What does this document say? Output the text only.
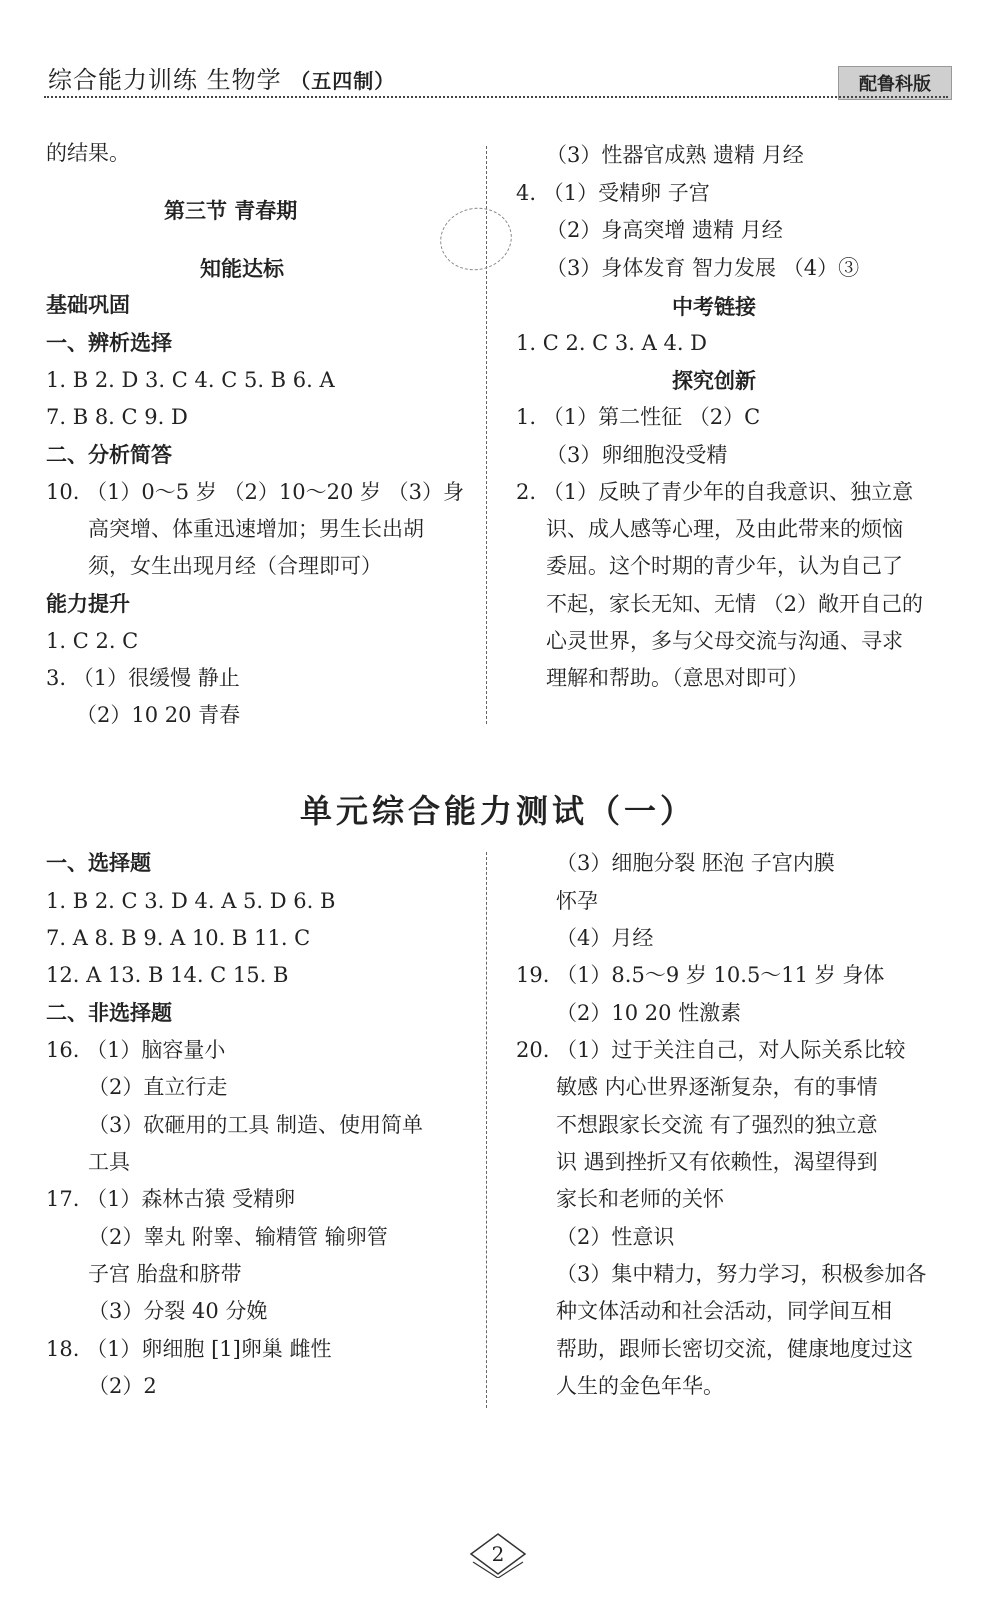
综合能力训练 生物学 （五四制）	配鲁科版
的结果。
第三节 青春期
知能达标
基础巩固
一、辨析选择
1. B 2. D 3. C 4. C 5. B 6. A
7. B 8. C 9. D
二、分析简答
10. （1）0～5 岁 （2）10～20 岁 （3）身
高突增、体重迅速增加；男生长出胡
须，女生出现月经（合理即可）
能力提升
1. C 2. C
3. （1）很缓慢 静止
（2）10 20 青春
（3）性器官成熟 遗精 月经
4. （1）受精卵 子宫
（2）身高突增 遗精 月经
（3）身体发育 智力发展 （4）③
中考链接
1. C 2. C 3. A 4. D
探究创新
1. （1）第二性征 （2）C
（3）卵细胞没受精
2. （1）反映了青少年的自我意识、独立意
识、成人感等心理，及由此带来的烦恼
委屈。这个时期的青少年，认为自己了
不起，家长无知、无情 （2）敞开自己的
心灵世界，多与父母交流与沟通、寻求
理解和帮助。（意思对即可）
单元综合能力测试（一）
一、选择题
1. B 2. C 3. D 4. A 5. D 6. B
7. A 8. B 9. A 10. B 11. C
12. A 13. B 14. C 15. B
二、非选择题
16. （1）脑容量小
（2）直立行走
（3）砍砸用的工具 制造、使用简单
工具
17. （1）森林古猿 受精卵
（2）睾丸 附睾、输精管 输卵管
子宫 胎盘和脐带
（3）分裂 40 分娩
18. （1）卵细胞 [1]卵巢 雌性
（2）2
（3）细胞分裂 胚泡 子宫内膜
怀孕
（4）月经
19. （1）8.5～9 岁 10.5～11 岁 身体
（2）10 20 性激素
20. （1）过于关注自己，对人际关系比较
敏感 内心世界逐渐复杂，有的事情
不想跟家长交流 有了强烈的独立意
识 遇到挫折又有依赖性，渴望得到
家长和老师的关怀
（2）性意识
（3）集中精力，努力学习，积极参加各
种文体活动和社会活动，同学间互相
帮助，跟师长密切交流，健康地度过这
人生的金色年华。
2
